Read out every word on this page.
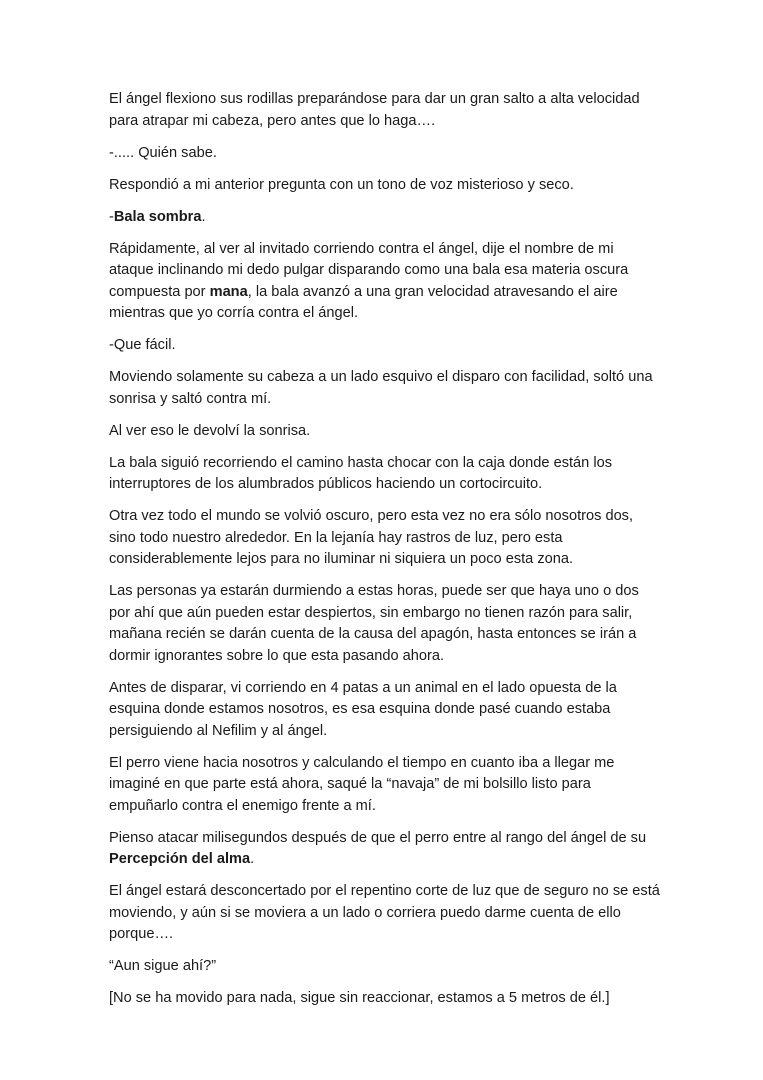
El ángel flexiono sus rodillas preparándose para dar un gran salto a alta velocidad para atrapar mi cabeza, pero antes que lo haga….

-..... Quién sabe.

Respondió a mi anterior pregunta con un tono de voz misterioso y seco.

-Bala sombra.

Rápidamente, al ver al invitado corriendo contra el ángel, dije el nombre de mi ataque inclinando mi dedo pulgar disparando como una bala esa materia oscura compuesta por mana, la bala avanzó a una gran velocidad atravesando el aire mientras que yo corría contra el ángel.

-Que fácil.

Moviendo solamente su cabeza a un lado esquivo el disparo con facilidad, soltó una sonrisa y saltó contra mí.

Al ver eso le devolví la sonrisa.

La bala siguió recorriendo el camino hasta chocar con la caja donde están los interruptores de los alumbrados públicos haciendo un cortocircuito.

Otra vez todo el mundo se volvió oscuro, pero esta vez no era sólo nosotros dos, sino todo nuestro alrededor. En la lejanía hay rastros de luz, pero esta considerablemente lejos para no iluminar ni siquiera un poco esta zona.

Las personas ya estarán durmiendo a estas horas, puede ser que haya uno o dos por ahí que aún pueden estar despiertos, sin embargo no tienen razón para salir, mañana recién se darán cuenta de la causa del apagón, hasta entonces se irán a dormir ignorantes sobre lo que esta pasando ahora.

Antes de disparar, vi corriendo en 4 patas a un animal en el lado opuesta de la esquina donde estamos nosotros, es esa esquina donde pasé cuando estaba persiguiendo al Nefilim y al ángel.

El perro viene hacia nosotros y calculando el tiempo en cuanto iba a llegar me imaginé en que parte está ahora, saqué la “navaja” de mi bolsillo listo para empuñarlo contra el enemigo frente a mí.

Pienso atacar milisegundos después de que el perro entre al rango del ángel de su Percepción del alma.

El ángel estará desconcertado por el repentino corte de luz que de seguro no se está moviendo, y aún si se moviera a un lado o corriera puedo darme cuenta de ello porque….

“Aun sigue ahí?”

[No se ha movido para nada, sigue sin reaccionar, estamos a 5 metros de él.]
